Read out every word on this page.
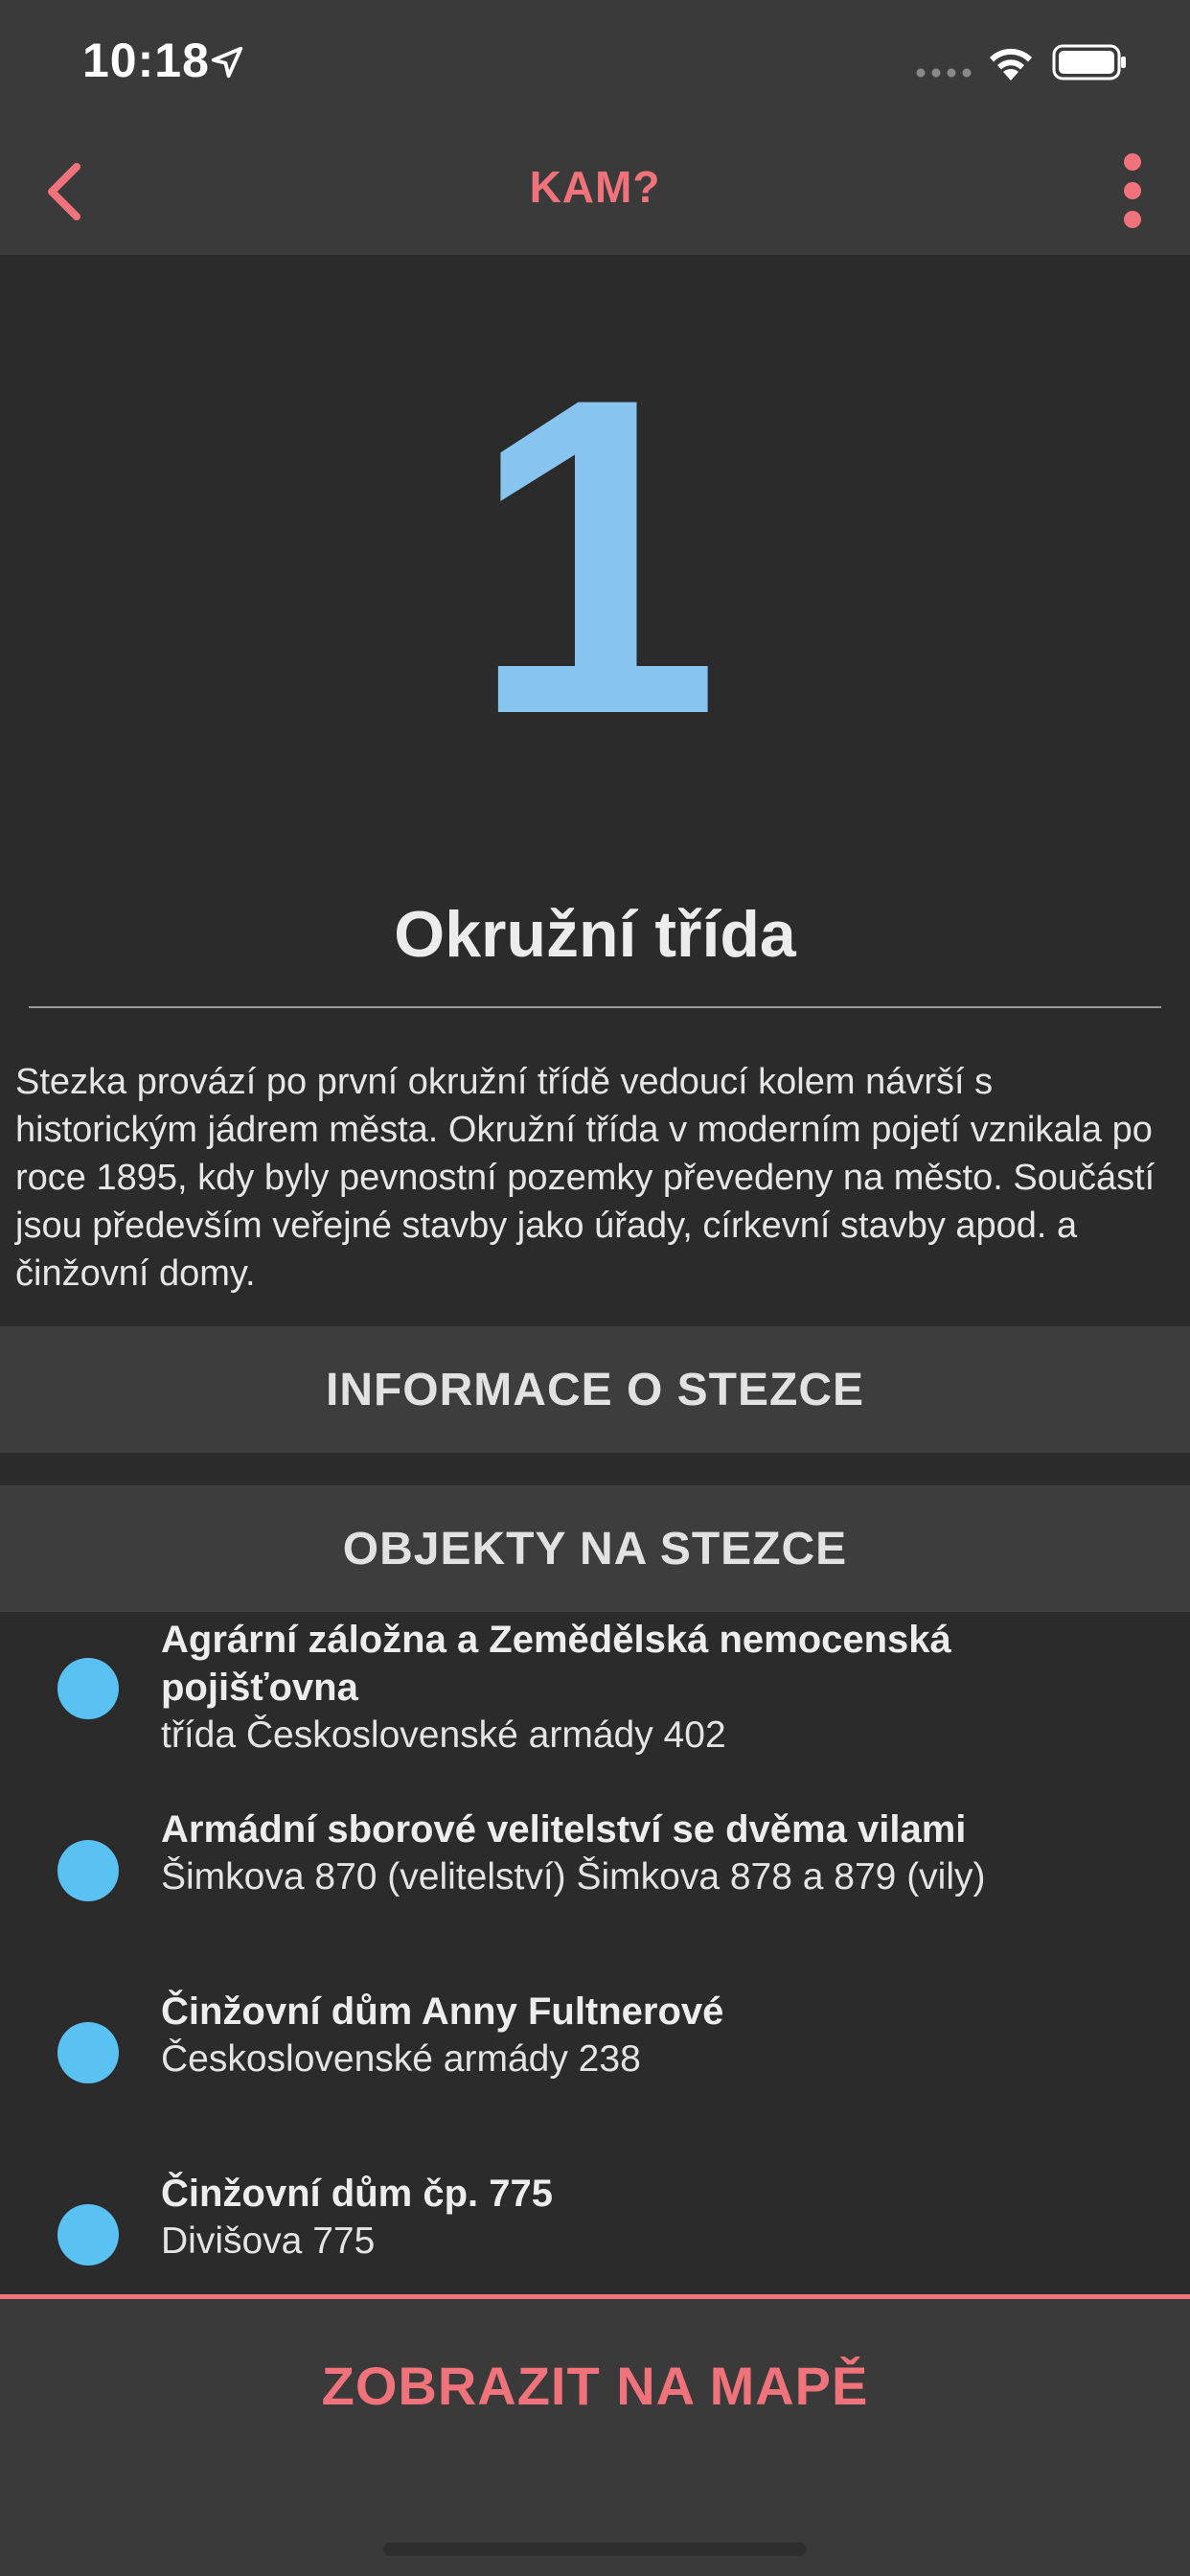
10:18
KAM?
1
Okružní třída
Stezka provází po první okružní třídě vedoucí kolem návrší s historickým jádrem města. Okružní třída v moderním pojetí vznikala po roce 1895, kdy byly pevnostní pozemky převedeny na město. Součástí jsou především veřejné stavby jako úřady, církevní stavby apod. a činžovní domy.
INFORMACE O STEZCE
OBJEKTY NA STEZCE
Agrární záložna a Zemědělská nemocenská pojišťovna
třída Československé armády 402
Armádní sborové velitelství se dvěma vilami
Šimkova 870 (velitelství) Šimkova 878 a 879 (vily)
Činžovní dům Anny Fultnerové
Československé armády 238
Činžovní dům čp. 775
Divišova 775
ZOBRAZIT NA MAPĚ
